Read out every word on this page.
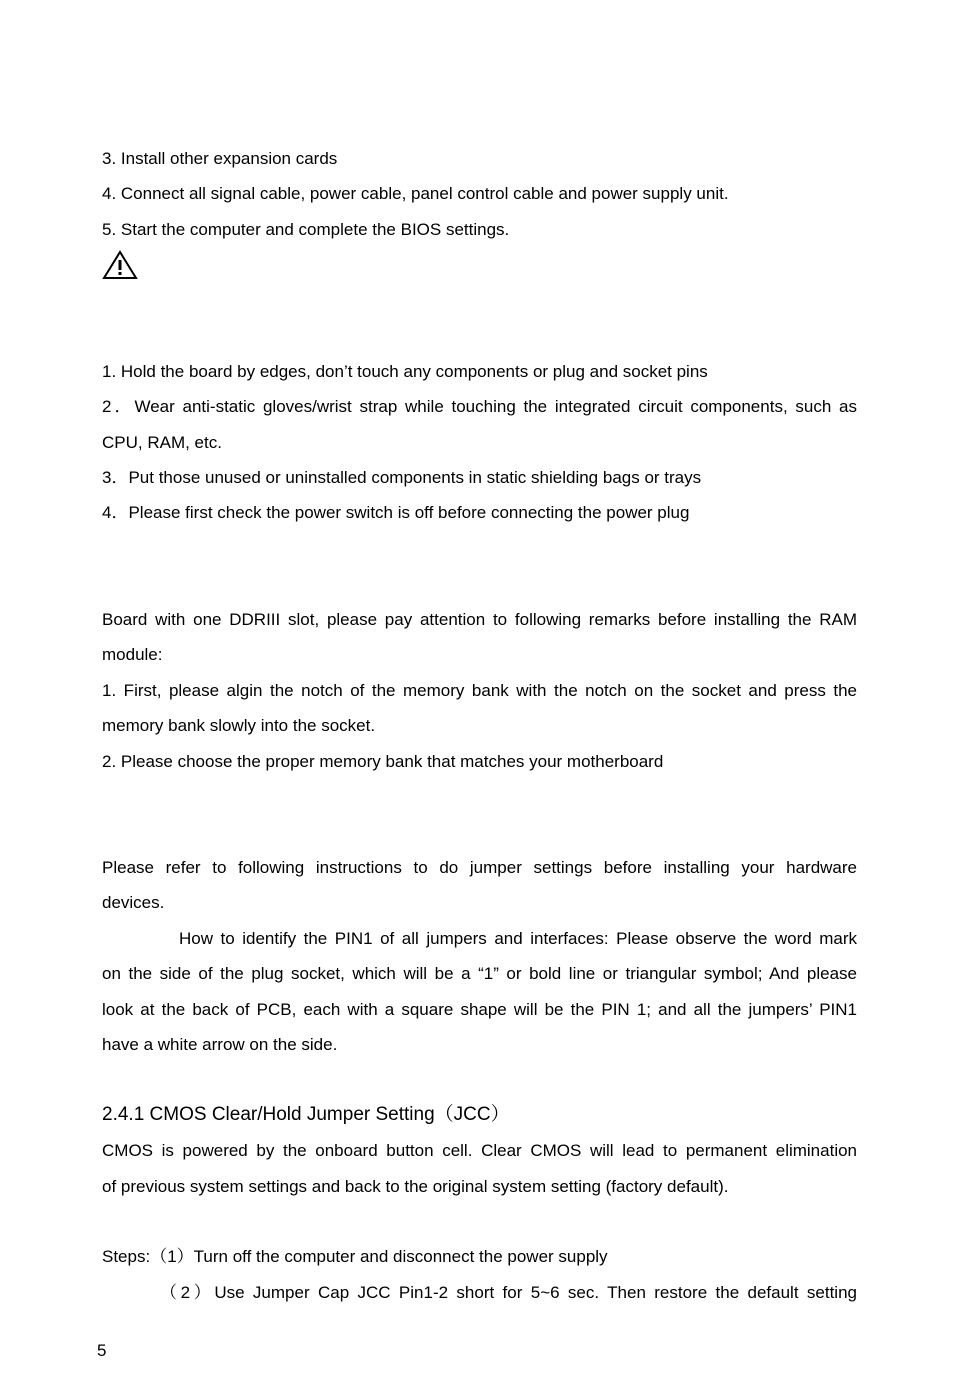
3. Install other expansion cards
4. Connect all signal cable, power cable, panel control cable and power supply unit.
5. Start the computer and complete the BIOS settings.
1. Hold the board by edges, don’t touch any components or plug and socket pins
2．Wear anti-static gloves/wrist strap while touching the integrated circuit components, such as
CPU, RAM, etc.
3．Put those unused or uninstalled components in static shielding bags or trays
4．Please first check the power switch is off before connecting the power plug
Board with one DDRIII slot, please pay attention to following remarks before installing the RAM
module:
1. First, please algin the notch of the memory bank with the notch on the socket and press the
memory bank slowly into the socket.
2. Please choose the proper memory bank that matches your motherboard
Please refer to following instructions to do jumper settings before installing your hardware
devices.
How to identify the PIN1 of all jumpers and interfaces: Please observe the word mark
on the side of the plug socket, which will be a “1” or bold line or triangular symbol; And please
look at the back of PCB, each with a square shape will be the PIN 1; and all the jumpers’ PIN1
have a white arrow on the side.
2.4.1 CMOS Clear/Hold Jumper Setting（JCC）
CMOS is powered by the onboard button cell. Clear CMOS will lead to permanent elimination
of previous system settings and back to the original system setting (factory default).
Steps:（1）Turn off the computer and disconnect the power supply
（2）Use Jumper Cap JCC Pin1-2 short for 5~6 sec. Then restore the default setting
5
